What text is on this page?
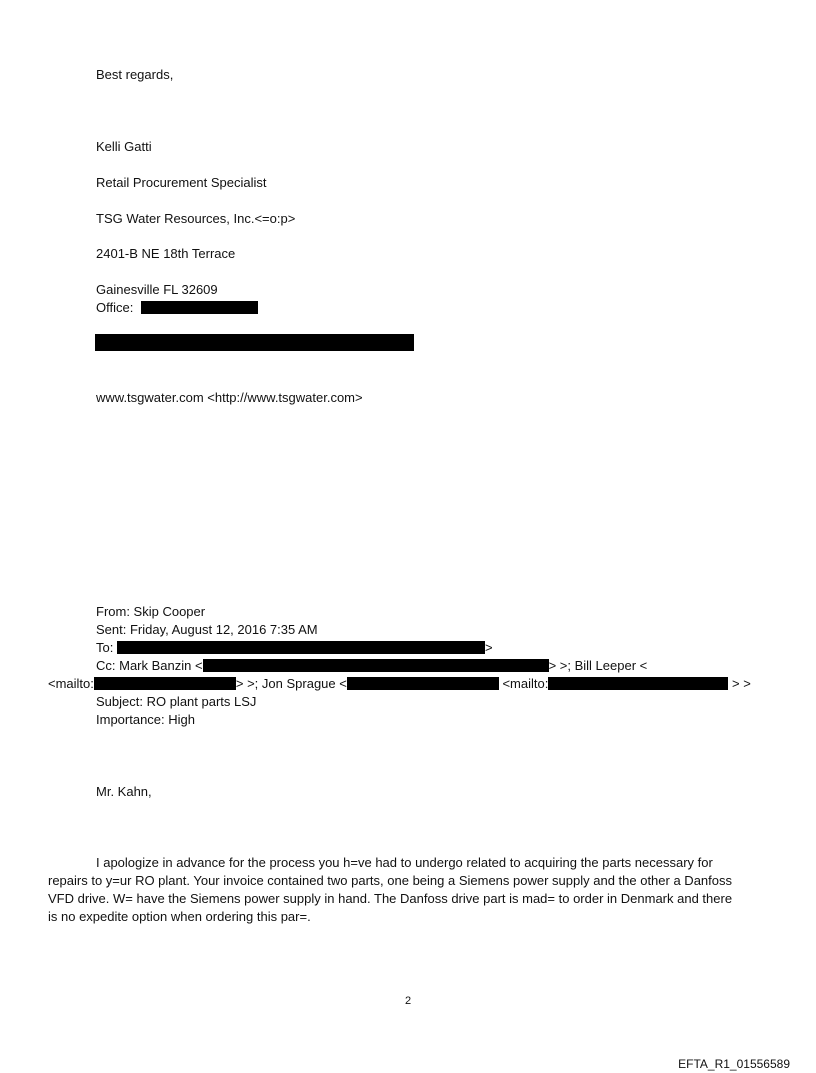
Best regards,
Kelli Gatti
Retail Procurement Specialist
TSG Water Resources, Inc.<=o:p>
2401-B NE 18th Terrace
Gainesville FL 32609
Office:
www.tsgwater.com <http://www.tsgwater.com>
From: Skip Cooper
Sent: Friday, August 12, 2016 7:35 AM
To:	>
Cc: Mark Banzin <	> >; Bill Leeper <
<mailto:	> >; Jon Sprague <	<mailto:	> >
Subject: RO plant parts LSJ
Importance: High
Mr. Kahn,
I apologize in advance for the process you h=ve had to undergo related to acquiring the parts necessary for
repairs to y=ur RO plant. Your invoice contained two parts, one being a Siemens power supply and the other a Danfoss
VFD drive. W= have the Siemens power supply in hand. The Danfoss drive part is mad= to order in Denmark and there
is no expedite option when ordering this par=.
2
EFTA_R1_01556589
